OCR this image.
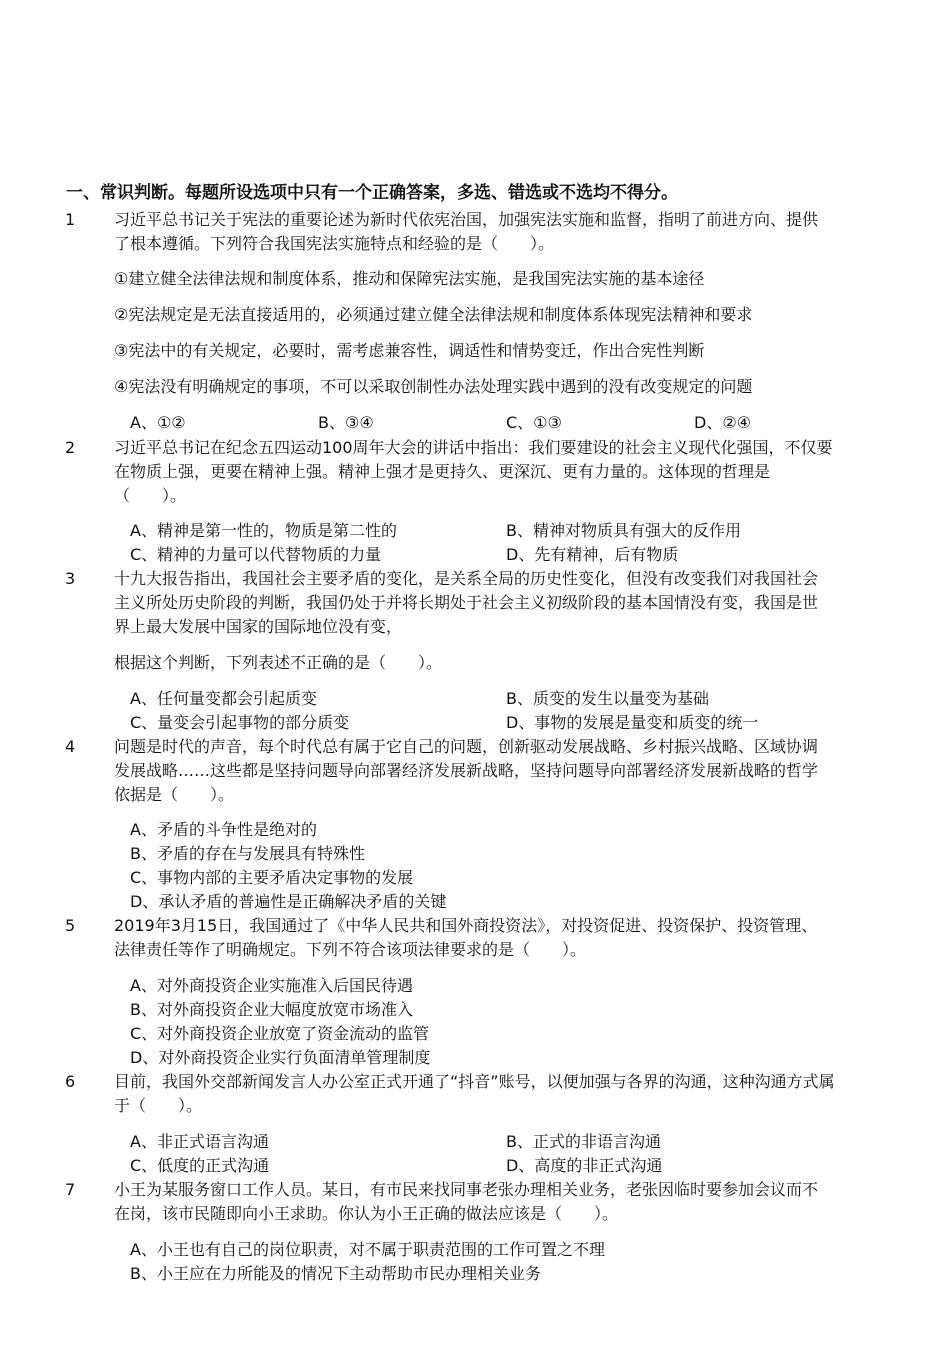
一、常识判断。每题所设选项中只有一个正确答案，多选、错选或不选均不得分。
1 习近平总书记关于宪法的重要论述为新时代依宪治国，加强宪法实施和监督，指明了前进方向、提供
了根本遵循。下列符合我国宪法实施特点和经验的是（　　）。
①建立健全法律法规和制度体系，推动和保障宪法实施，是我国宪法实施的基本途径
②宪法规定是无法直接适用的，必须通过建立健全法律法规和制度体系体现宪法精神和要求
③宪法中的有关规定，必要时，需考虑兼容性，调适性和情势变迁，作出合宪性判断
④宪法没有明确规定的事项，不可以采取创制性办法处理实践中遇到的没有改变规定的问题
A、①②	B、③④	C、①③	D、②④
2 习近平总书记在纪念五四运动100周年大会的讲话中指出：我们要建设的社会主义现代化强国，不仅要
在物质上强，更要在精神上强。精神上强才是更持久、更深沉、更有力量的。这体现的哲理是
（　　）。
A、精神是第一性的，物质是第二性的	B、精神对物质具有强大的反作用
C、精神的力量可以代替物质的力量	D、先有精神，后有物质
3 十九大报告指出，我国社会主要矛盾的变化，是关系全局的历史性变化，但没有改变我们对我国社会
主义所处历史阶段的判断，我国仍处于并将长期处于社会主义初级阶段的基本国情没有变，我国是世
界上最大发展中国家的国际地位没有变，
根据这个判断，下列表述不正确的是（　　）。
A、任何量变都会引起质变	B、质变的发生以量变为基础
C、量变会引起事物的部分质变	D、事物的发展是量变和质变的统一
4 问题是时代的声音，每个时代总有属于它自己的问题，创新驱动发展战略、乡村振兴战略、区域协调
发展战略……这些都是坚持问题导向部署经济发展新战略，坚持问题导向部署经济发展新战略的哲学
依据是（　　）。
A、矛盾的斗争性是绝对的
B、矛盾的存在与发展具有特殊性
C、事物内部的主要矛盾决定事物的发展
D、承认矛盾的普遍性是正确解决矛盾的关键
5 2019年3月15日，我国通过了《中华人民共和国外商投资法》，对投资促进、投资保护、投资管理、
法律责任等作了明确规定。下列不符合该项法律要求的是（　　）。
A、对外商投资企业实施准入后国民待遇
B、对外商投资企业大幅度放宽市场准入
C、对外商投资企业放宽了资金流动的监管
D、对外商投资企业实行负面清单管理制度
6 目前，我国外交部新闻发言人办公室正式开通了“抖音”账号，以便加强与各界的沟通，这种沟通方式属
于（　　）。
A、非正式语言沟通	B、正式的非语言沟通
C、低度的正式沟通	D、高度的非正式沟通
7 小王为某服务窗口工作人员。某日，有市民来找同事老张办理相关业务，老张因临时要参加会议而不
在岗，该市民随即向小王求助。你认为小王正确的做法应该是（　　）。
A、小王也有自己的岗位职责，对不属于职责范围的工作可置之不理
B、小王应在力所能及的情况下主动帮助市民办理相关业务
